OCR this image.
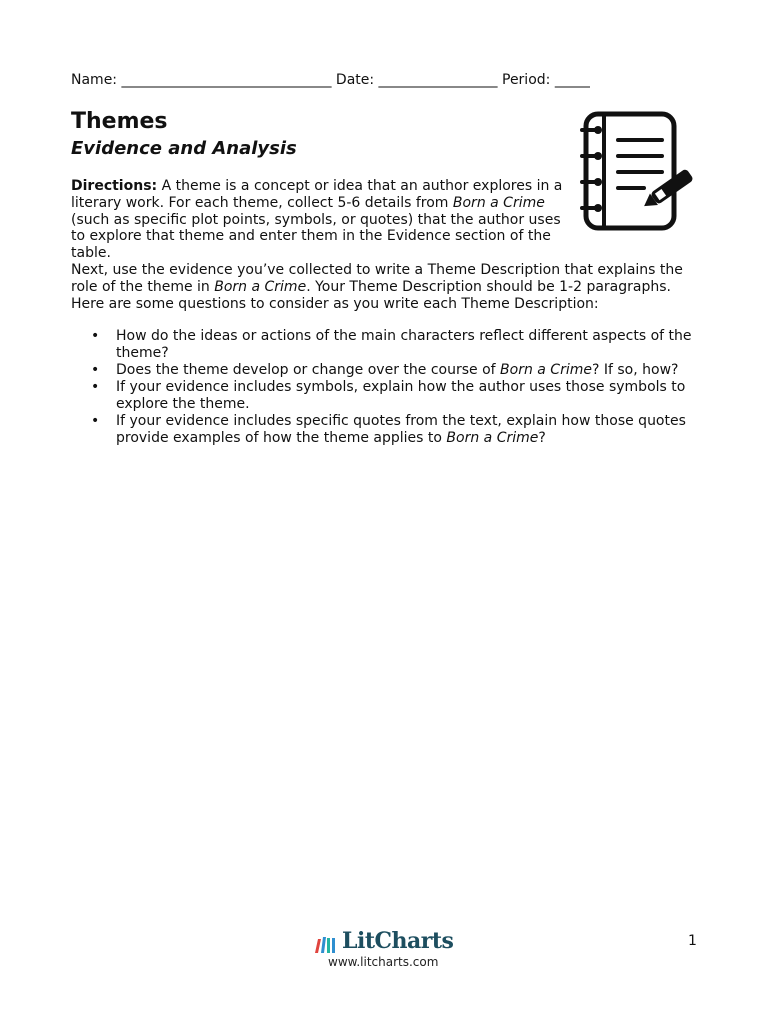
Name: ______________________________ Date: _________________ Period: _____
Themes
Evidence and Analysis

Directions: A theme is a concept or idea that an author explores in a literary work. For each theme, collect 5-6 details from Born a Crime (such as specific plot points, symbols, or quotes) that the author uses to explore that theme and enter them in the Evidence section of the table.

Next, use the evidence you’ve collected to write a Theme Description that explains the role of the theme in Born a Crime. Your Theme Description should be 1-2 paragraphs. Here are some questions to consider as you write each Theme Description:

• How do the ideas or actions of the main characters reflect different aspects of the theme?
• Does the theme develop or change over the course of Born a Crime? If so, how?
• If your evidence includes symbols, explain how the author uses those symbols to explore the theme.
• If your evidence includes specific quotes from the text, explain how those quotes provide examples of how the theme applies to Born a Crime?
LitCharts
www.litcharts.com
1
